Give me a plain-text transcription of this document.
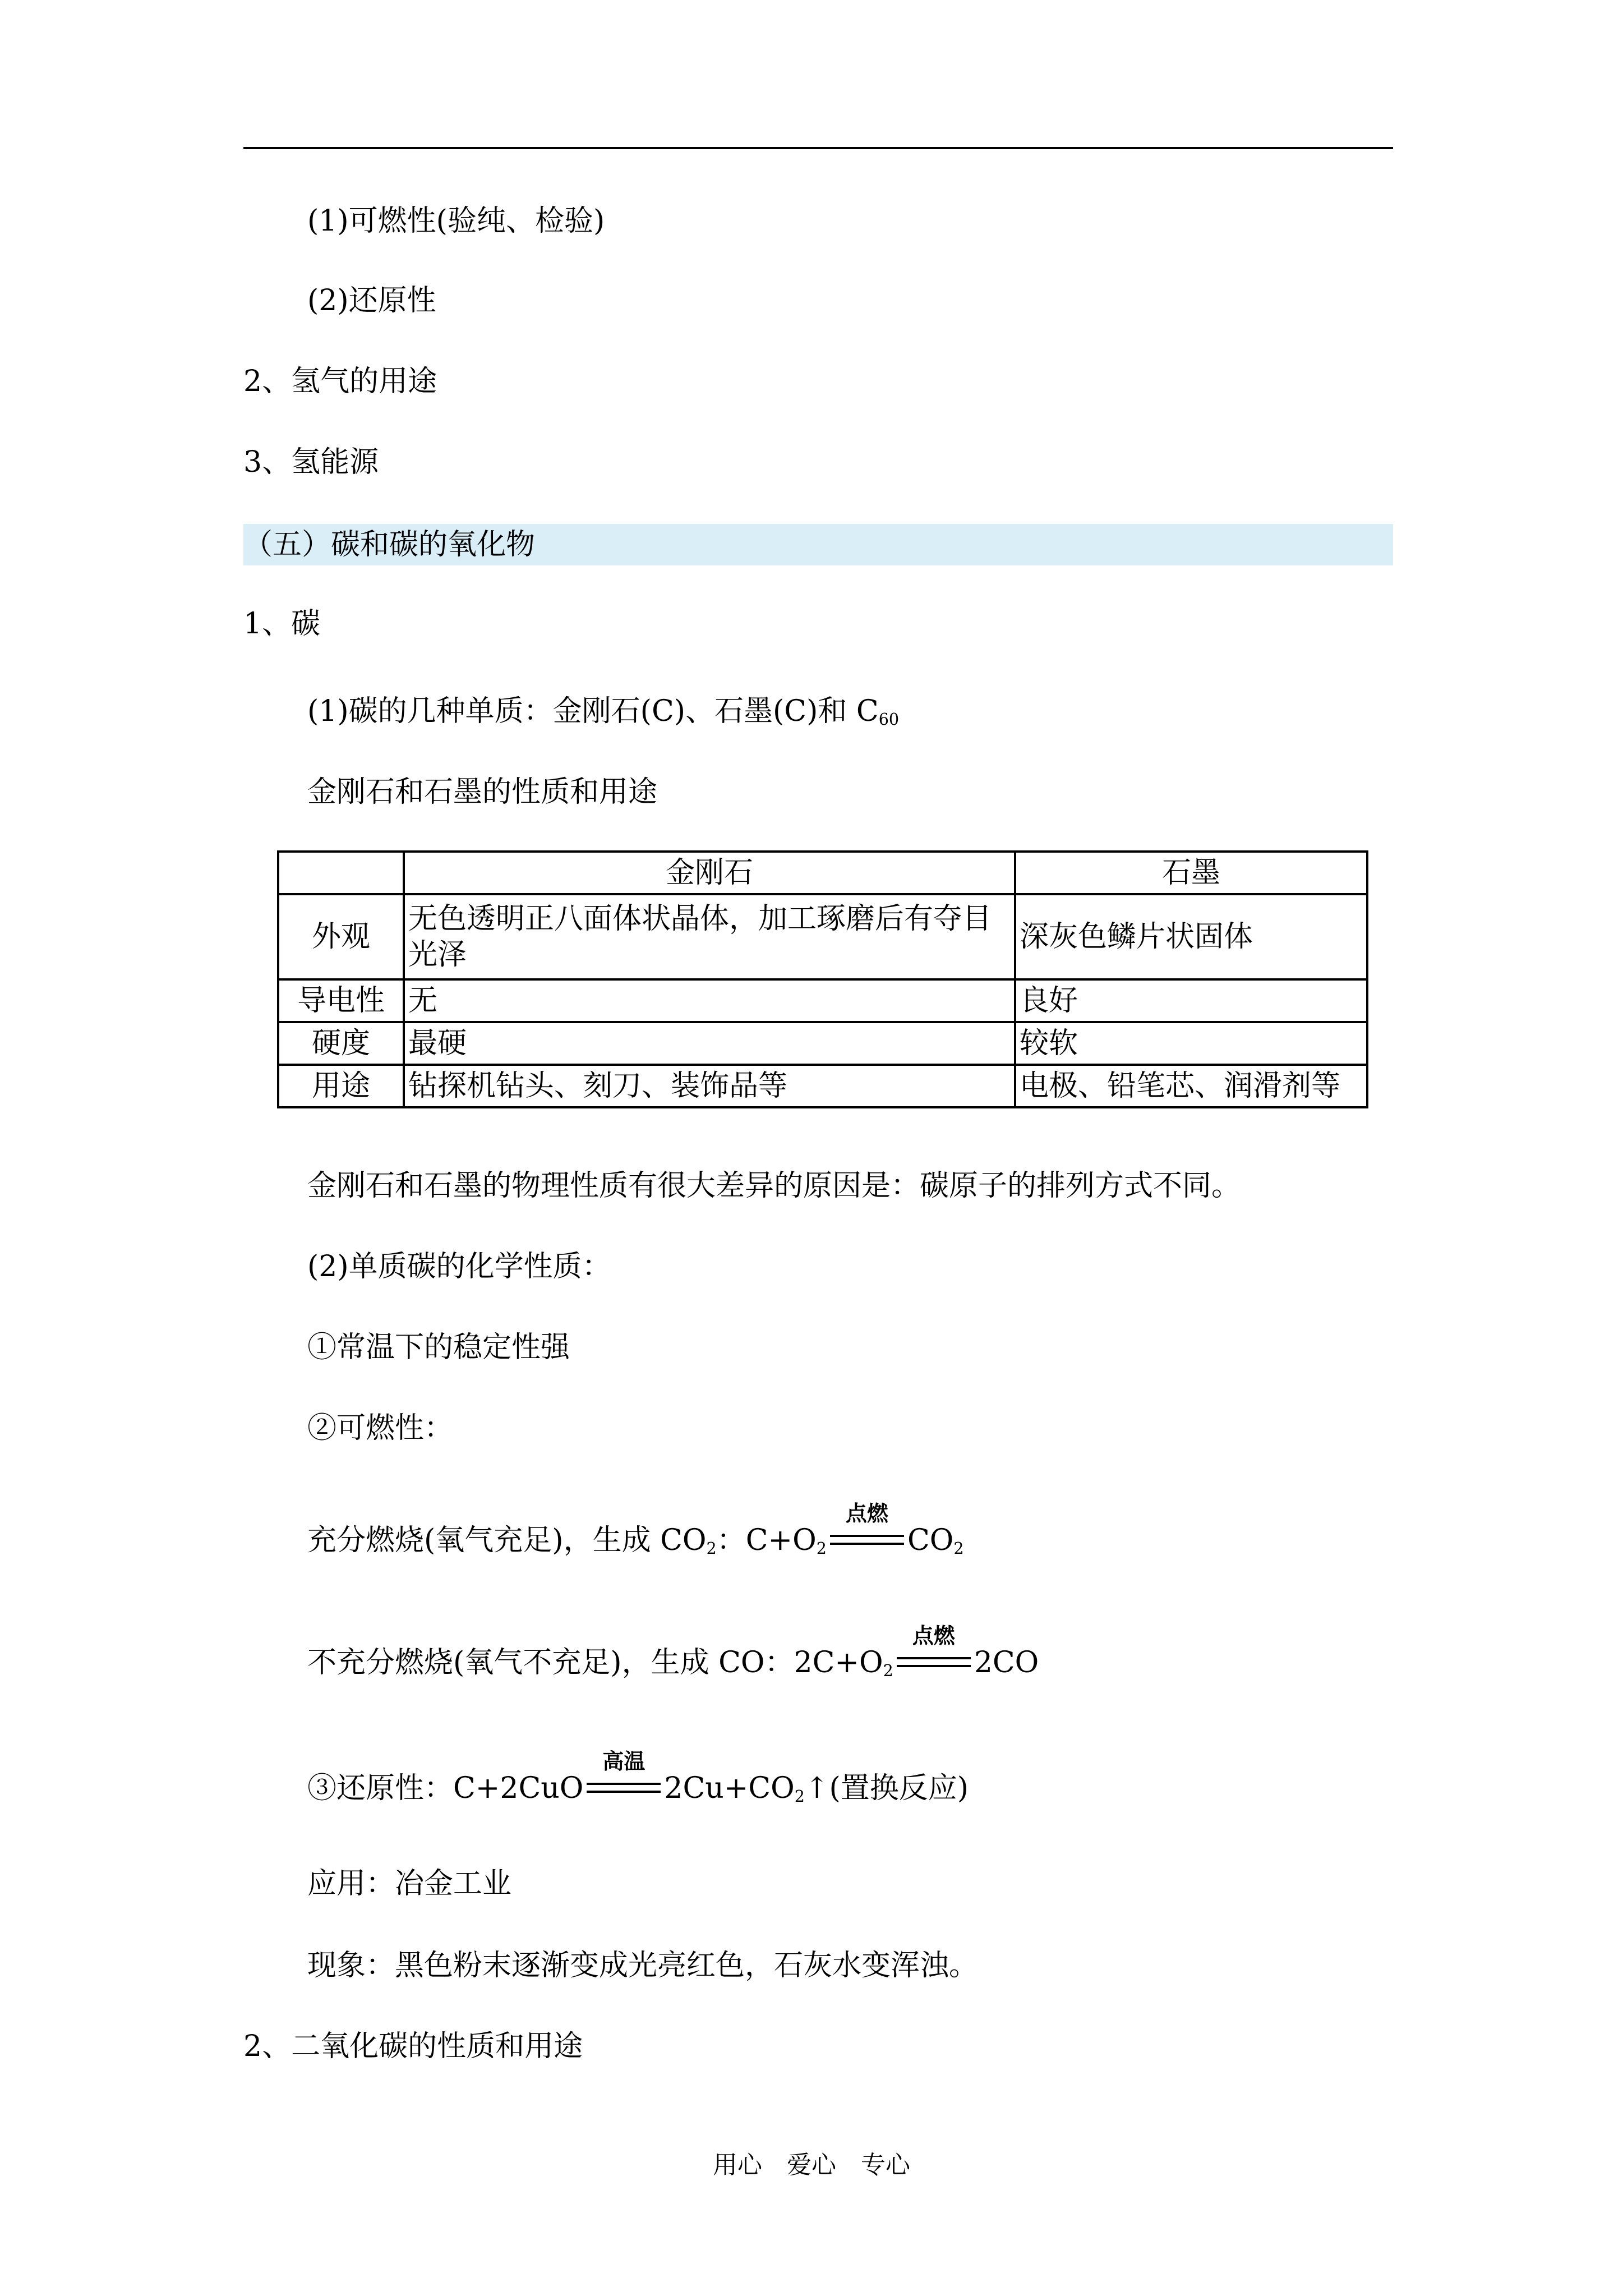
(1)可燃性(验纯、检验)
(2)还原性
2、氢气的用途
3、氢能源
（五）碳和碳的氧化物
1、碳
(1)碳的几种单质：金刚石(C)、石墨(C)和 $C_{60}$
金刚石和石墨的性质和用途
	金刚石	石墨
外观	无色透明正八面体状晶体，加工琢磨后有夺目光泽	深灰色鳞片状固体
导电性	无	良好
硬度	最硬	较软
用途	钻探机钻头、刻刀、装饰品等	电极、铅笔芯、润滑剂等
金刚石和石墨的物理性质有很大差异的原因是：碳原子的排列方式不同。
(2)单质碳的化学性质：
①常温下的稳定性强
②可燃性：
充分燃烧(氧气充足)，生成 $CO_2$：$C+O_2$
点燃
$CO_2$
不充分燃烧(氧气不充足)，生成 CO：$2C+O_2$
点燃
2CO
③还原性：C+2CuO
高温
$2Cu+CO_2↑$(置换反应)
应用：冶金工业
现象：黑色粉末逐渐变成光亮红色，石灰水变浑浊。
2、二氧化碳的性质和用途
用心　爱心　专心
